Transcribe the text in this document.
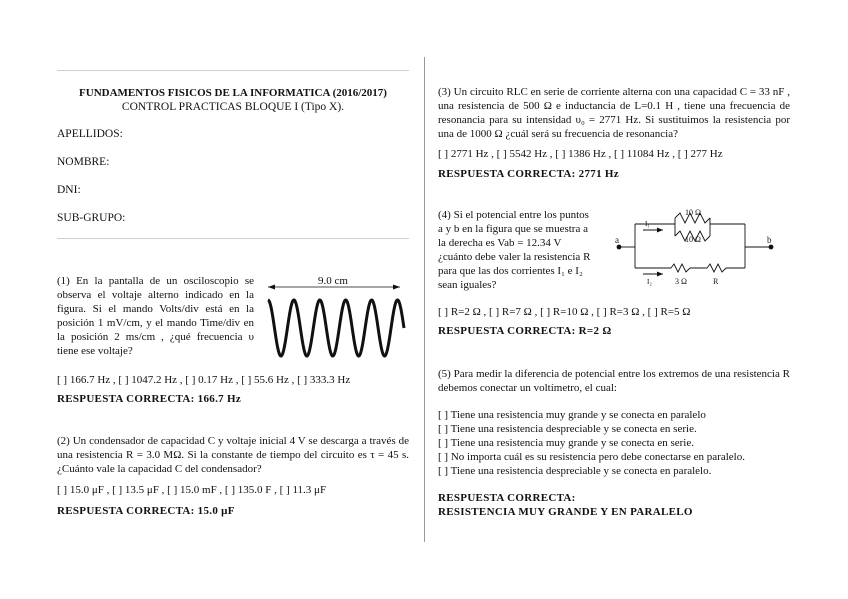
FUNDAMENTOS FISICOS DE LA INFORMATICA (2016/2017)
CONTROL PRACTICAS BLOQUE I (Tipo X).
APELLIDOS:
NOMBRE:
DNI:
SUB-GRUPO:
(1) En la pantalla de un osciloscopio se observa el voltaje alterno indicado en la figura. Si el mando Volts/div está en la posición 1 mV/cm, y el mando Time/div en la posición 2 ms/cm , ¿qué frecuencia υ tiene ese voltaje?
9.0 cm
[ ] 166.7 Hz , [ ] 1047.2 Hz , [ ] 0.17 Hz , [ ] 55.6 Hz , [ ] 333.3 Hz
RESPUESTA CORRECTA: 166.7 Hz
(2) Un condensador de capacidad C y voltaje inicial 4 V se descarga a través de una resistencia R = 3.0 MΩ. Si la constante de tiempo del circuito es τ = 45 s. ¿Cuánto vale la capacidad C del condensador?
[ ] 15.0 μF , [ ] 13.5 μF , [ ] 15.0 mF , [ ] 135.0 F , [ ] 11.3 μF
RESPUESTA CORRECTA: 15.0 μF
(3) Un circuito RLC en serie de corriente alterna con una capacidad C = 33 nF , una resistencia de 500 Ω e inductancia de L=0.1 H , tiene una frecuencia de resonancia para su intensidad υ₀ = 2771 Hz. Si sustituimos la resistencia por una de 1000 Ω ¿cuál será su frecuencia de resonancia?
[ ] 2771 Hz , [ ] 5542 Hz , [ ] 1386 Hz , [ ] 11084 Hz , [ ] 277 Hz
RESPUESTA CORRECTA: 2771 Hz
(4) Si el potencial entre los puntos a y b en la figura que se muestra a la derecha es Vab = 12.34 V ¿cuánto debe valer la resistencia R para que las dos corrientes I₁ e I₂ sean iguales?
a	b
10 Ω
10 Ω
3 Ω	R
I₁
I₂
[ ] R=2 Ω , [ ] R=7 Ω , [ ] R=10 Ω , [ ] R=3 Ω , [ ] R=5 Ω
RESPUESTA CORRECTA: R=2 Ω
(5) Para medir la diferencia de potencial entre los extremos de una resistencia R debemos conectar un voltímetro, el cual:
[ ] Tiene una resistencia muy grande y se conecta en paralelo
[ ] Tiene una resistencia despreciable y se conecta en serie.
[ ] Tiene una resistencia muy grande y se conecta en serie.
[ ] No importa cuál es su resistencia pero debe conectarse en paralelo.
[ ] Tiene una resistencia despreciable y se conecta en paralelo.
RESPUESTA CORRECTA:
RESISTENCIA MUY GRANDE Y EN PARALELO
